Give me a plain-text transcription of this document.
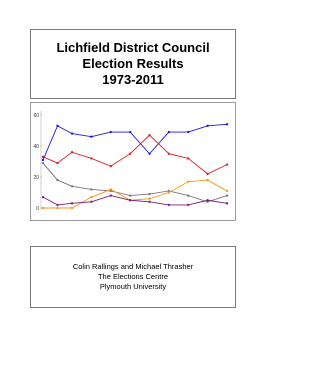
Lichfield District Council
Election Results
1973-2011
0
20
40
60
Colin Rallings and Michael Thrasher
The Elections Centre
Plymouth University
